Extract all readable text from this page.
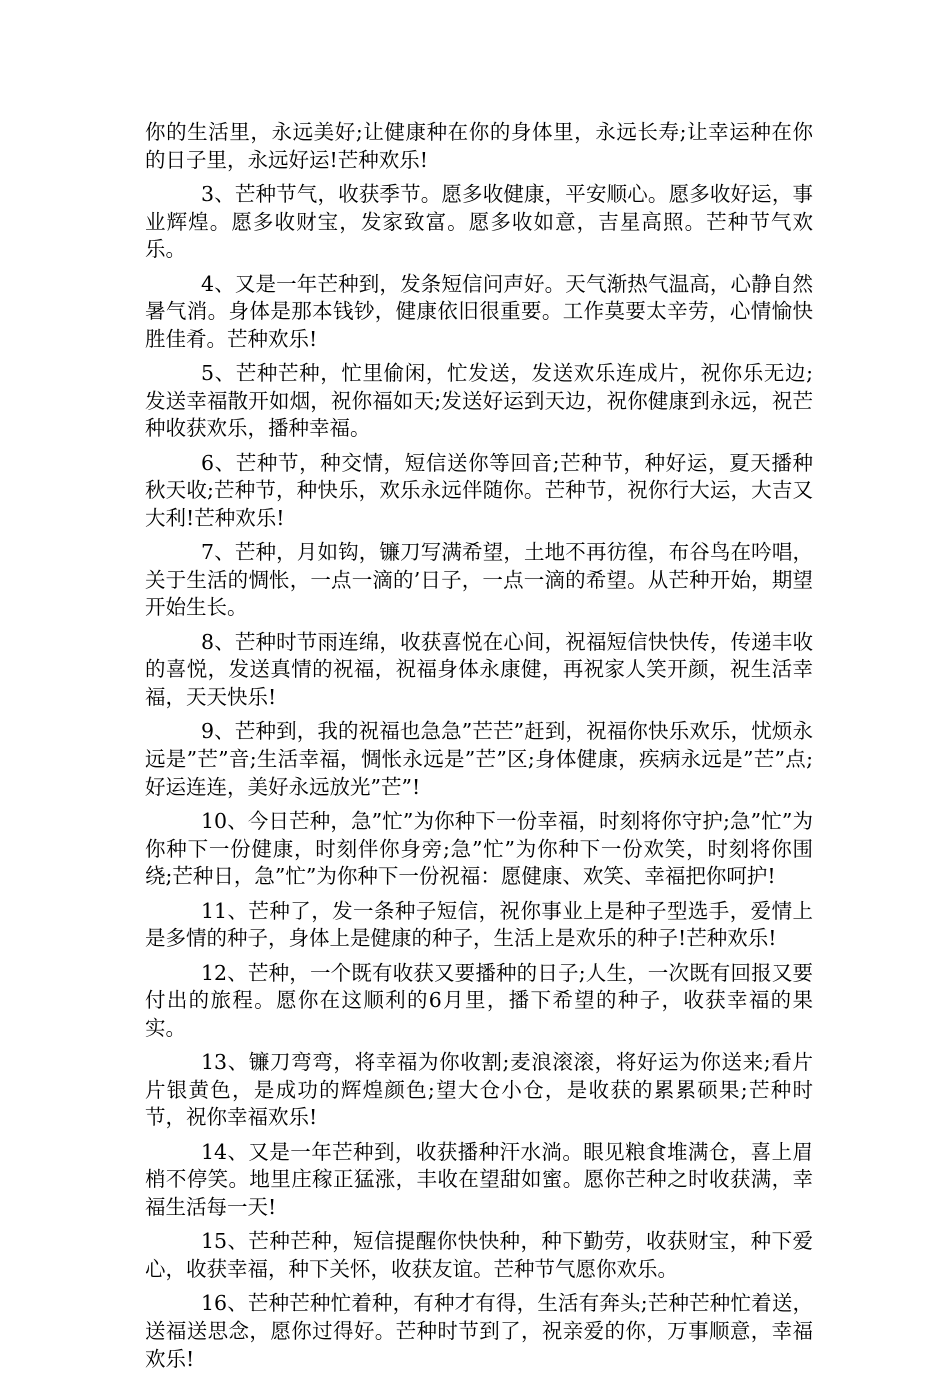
你的生活里，永远美好;让健康种在你的身体里，永远长寿;让幸运种在你的日子里，永远好运!芒种欢乐!

3、芒种节气，收获季节。愿多收健康，平安顺心。愿多收好运，事业辉煌。愿多收财宝，发家致富。愿多收如意，吉星高照。芒种节气欢乐。

4、又是一年芒种到，发条短信问声好。天气渐热气温高，心静自然暑气消。身体是那本钱钞，健康依旧很重要。工作莫要太辛劳，心情愉快胜佳肴。芒种欢乐!

5、芒种芒种，忙里偷闲，忙发送，发送欢乐连成片，祝你乐无边;发送幸福散开如烟，祝你福如天;发送好运到天边，祝你健康到永远，祝芒种收获欢乐，播种幸福。

6、芒种节，种交情，短信送你等回音;芒种节，种好运，夏天播种秋天收;芒种节，种快乐，欢乐永远伴随你。芒种节，祝你行大运，大吉又大利!芒种欢乐!

7、芒种，月如钩，镰刀写满希望，土地不再彷徨，布谷鸟在吟唱，关于生活的惆怅，一点一滴的’日子，一点一滴的希望。从芒种开始，期望开始生长。

8、芒种时节雨连绵，收获喜悦在心间，祝福短信快快传，传递丰收的喜悦，发送真情的祝福，祝福身体永康健，再祝家人笑开颜，祝生活幸福，天天快乐!

9、芒种到，我的祝福也急急”芒芒”赶到，祝福你快乐欢乐，忧烦永远是”芒”音;生活幸福，惆怅永远是”芒”区;身体健康，疾病永远是”芒”点;好运连连，美好永远放光”芒”!

10、今日芒种，急”忙”为你种下一份幸福，时刻将你守护;急”忙”为你种下一份健康，时刻伴你身旁;急”忙”为你种下一份欢笑，时刻将你围绕;芒种日，急”忙”为你种下一份祝福：愿健康、欢笑、幸福把你呵护!

11、芒种了，发一条种子短信，祝你事业上是种子型选手，爱情上是多情的种子，身体上是健康的种子，生活上是欢乐的种子!芒种欢乐!

12、芒种，一个既有收获又要播种的日子;人生，一次既有回报又要付出的旅程。愿你在这顺利的6月里，播下希望的种子，收获幸福的果实。

13、镰刀弯弯，将幸福为你收割;麦浪滚滚，将好运为你送来;看片片银黄色，是成功的辉煌颜色;望大仓小仓，是收获的累累硕果;芒种时节，祝你幸福欢乐!

14、又是一年芒种到，收获播种汗水淌。眼见粮食堆满仓，喜上眉梢不停笑。地里庄稼正猛涨，丰收在望甜如蜜。愿你芒种之时收获满，幸福生活每一天!

15、芒种芒种，短信提醒你快快种，种下勤劳，收获财宝，种下爱心，收获幸福，种下关怀，收获友谊。芒种节气愿你欢乐。

16、芒种芒种忙着种，有种才有得，生活有奔头;芒种芒种忙着送，送福送思念，愿你过得好。芒种时节到了，祝亲爱的你，万事顺意，幸福欢乐!
